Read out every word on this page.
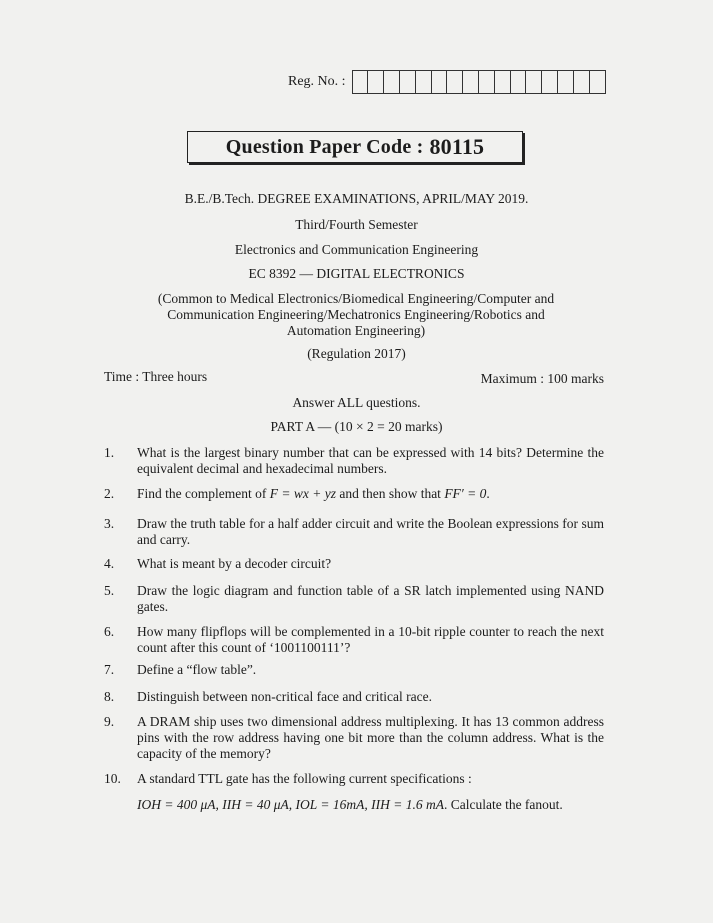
Reg. No. :
Question Paper Code : 80115
B.E./B.Tech. DEGREE EXAMINATIONS, APRIL/MAY 2019.
Third/Fourth Semester
Electronics and Communication Engineering
EC 8392 — DIGITAL ELECTRONICS
(Common to Medical Electronics/Biomedical Engineering/Computer and Communication Engineering/Mechatronics Engineering/Robotics and Automation Engineering)
(Regulation 2017)
Time : Three hours	Maximum : 100 marks
Answer ALL questions.
PART A — (10 × 2 = 20 marks)
1.	What is the largest binary number that can be expressed with 14 bits? Determine the equivalent decimal and hexadecimal numbers.
2.	Find the complement of F = wx + yz and then show that FF′ = 0.
3.	Draw the truth table for a half adder circuit and write the Boolean expressions for sum and carry.
4.	What is meant by a decoder circuit?
5.	Draw the logic diagram and function table of a SR latch implemented using NAND gates.
6.	How many flipflops will be complemented in a 10-bit ripple counter to reach the next count after this count of ‘1001100111’?
7.	Define a “flow table”.
8.	Distinguish between non-critical face and critical race.
9.	A DRAM ship uses two dimensional address multiplexing. It has 13 common address pins with the row address having one bit more than the column address. What is the capacity of the memory?
10.	A standard TTL gate has the following current specifications :
IOH = 400 μA, IIH = 40 μA, IOL = 16mA, IIH = 1.6 mA. Calculate the fanout.
